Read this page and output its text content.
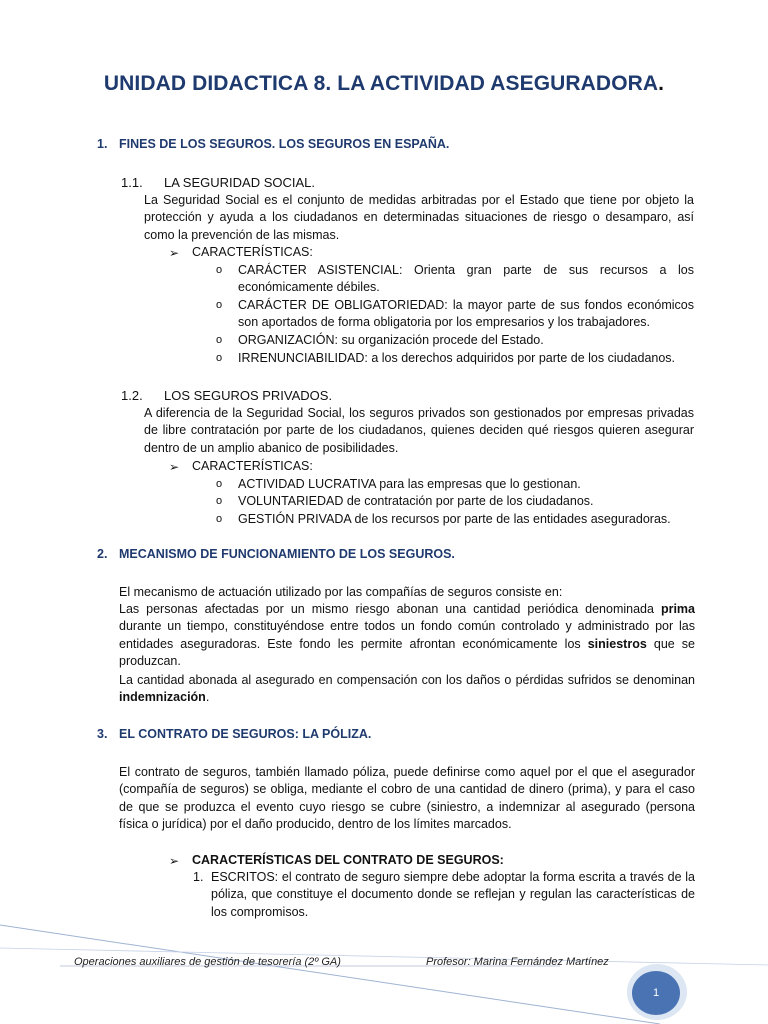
UNIDAD DIDACTICA 8. LA ACTIVIDAD ASEGURADORA.
1. FINES DE LOS SEGUROS. LOS SEGUROS EN ESPAÑA.
1.1. LA SEGURIDAD SOCIAL.
La Seguridad Social es el conjunto de medidas arbitradas por el Estado que tiene por objeto la protección y ayuda a los ciudadanos en determinadas situaciones de riesgo o desamparo, así como la prevención de las mismas.
➢ CARACTERÍSTICAS:
o CARÁCTER ASISTENCIAL: Orienta gran parte de sus recursos a los económicamente débiles.
o CARÁCTER DE OBLIGATORIEDAD: la mayor parte de sus fondos económicos son aportados de forma obligatoria por los empresarios y los trabajadores.
o ORGANIZACIÓN: su organización procede del Estado.
o IRRENUNCIABILIDAD: a los derechos adquiridos por parte de los ciudadanos.
1.2. LOS SEGUROS PRIVADOS.
A diferencia de la Seguridad Social, los seguros privados son gestionados por empresas privadas de libre contratación por parte de los ciudadanos, quienes deciden qué riesgos quieren asegurar dentro de un amplio abanico de posibilidades.
➢ CARACTERÍSTICAS:
o ACTIVIDAD LUCRATIVA para las empresas que lo gestionan.
o VOLUNTARIEDAD de contratación por parte de los ciudadanos.
o GESTIÓN PRIVADA de los recursos por parte de las entidades aseguradoras.
2. MECANISMO DE FUNCIONAMIENTO DE LOS SEGUROS.
El mecanismo de actuación utilizado por las compañías de seguros consiste en:
Las personas afectadas por un mismo riesgo abonan una cantidad periódica denominada prima durante un tiempo, constituyéndose entre todos un fondo común controlado y administrado por las entidades aseguradoras. Este fondo les permite afrontan económicamente los siniestros que se produzcan.
La cantidad abonada al asegurado en compensación con los daños o pérdidas sufridos se denominan indemnización.
3. EL CONTRATO DE SEGUROS: LA PÓLIZA.
El contrato de seguros, también llamado póliza, puede definirse como aquel por el que el asegurador (compañía de seguros) se obliga, mediante el cobro de una cantidad de dinero (prima), y para el caso de que se produzca el evento cuyo riesgo se cubre (siniestro, a indemnizar al asegurado (persona física o jurídica) por el daño producido, dentro de los límites marcados.
➢ CARACTERÍSTICAS DEL CONTRATO DE SEGUROS:
1. ESCRITOS: el contrato de seguro siempre debe adoptar la forma escrita a través de la póliza, que constituye el documento donde se reflejan y regulan las características de los compromisos.
1
Operaciones auxiliares de gestión de tesorería (2º GA)	Profesor: Marina Fernández Martínez
